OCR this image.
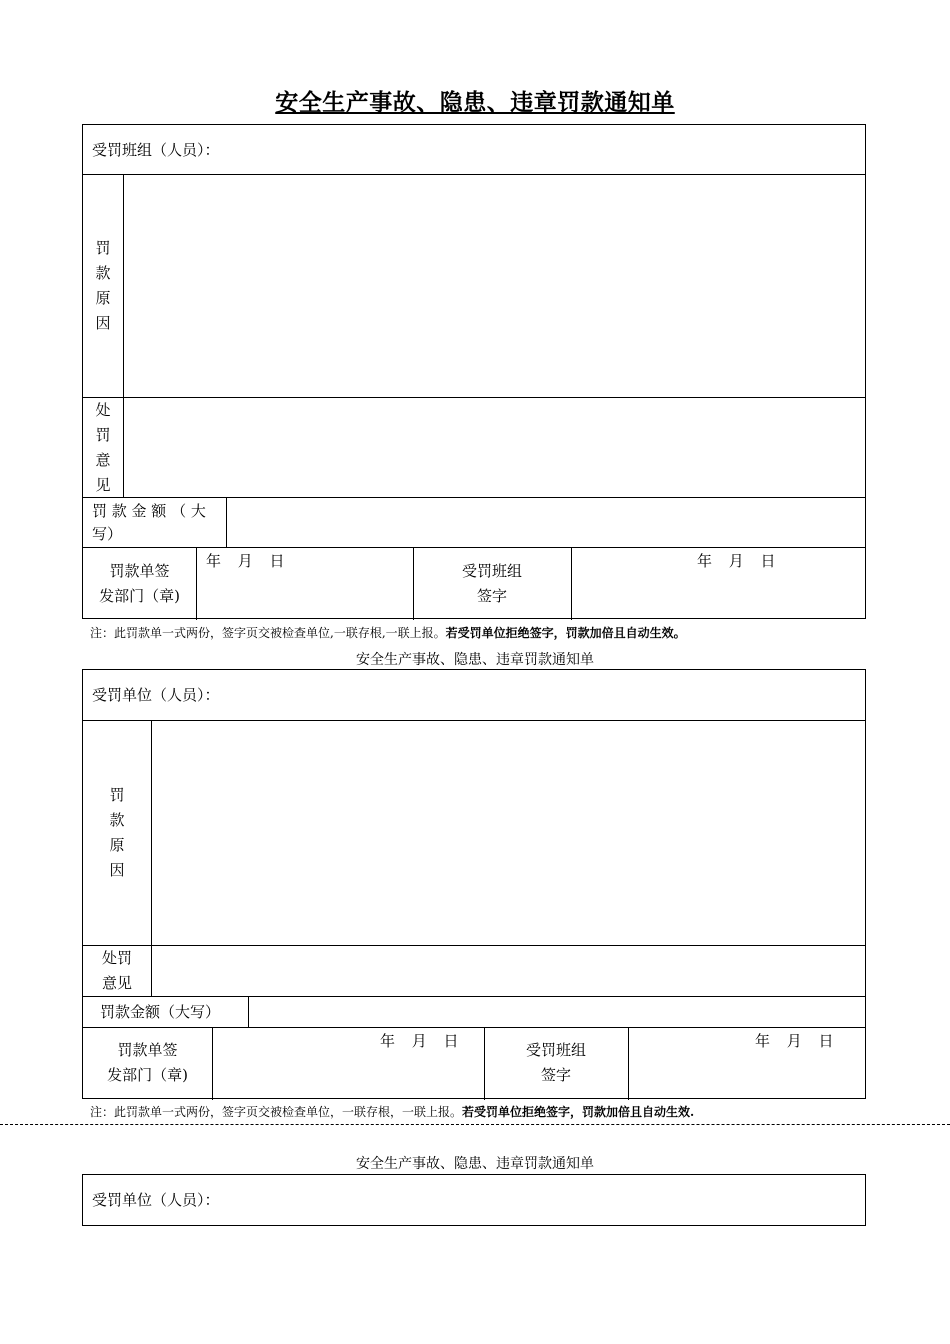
安全生产事故、隐患、违章罚款通知单
受罚班组（人员）：
罚
款
原
因
处
罚
意
见
罚 款 金 额 （ 大
写）
罚款单签
发部门（章)
年 月 日
受罚班组
签字
年 月 日
注：此罚款单一式两份，签字页交被检查单位,一联存根,一联上报。若受罚单位拒绝签字，罚款加倍且自动生效。
安全生产事故、隐患、违章罚款通知单
受罚单位（人员）：
罚
款
原
因
处罚
意见
罚款金额（大写）
罚款单签
发部门（章)
年 月 日	受罚班组
签字
年 月 日
注：此罚款单一式两份，签字页交被检查单位，一联存根，一联上报。若受罚单位拒绝签字，罚款加倍且自动生效.
安全生产事故、隐患、违章罚款通知单
受罚单位（人员）：
